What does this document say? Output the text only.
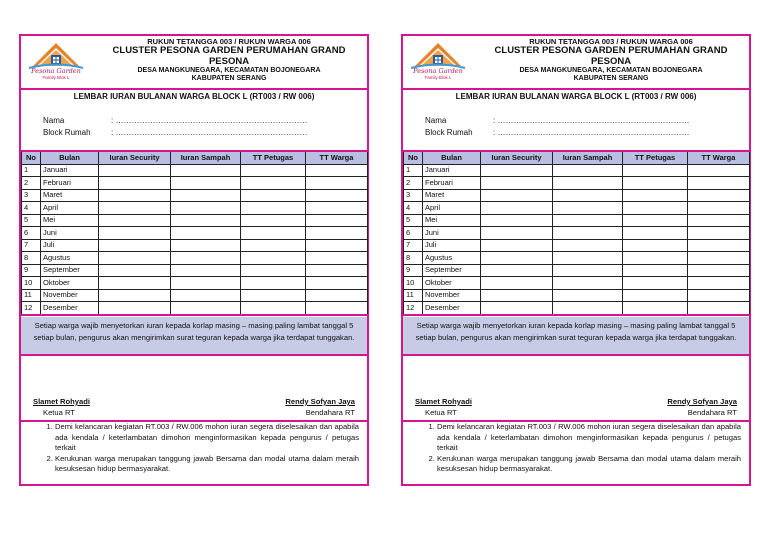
Pesona Garden
Family Blok L
RUKUN TETANGGA 003 / RUKUN WARGA 006
CLUSTER PESONA GARDEN PERUMAHAN GRAND PESONA
DESA MANGKUNEGARA, KECAMATAN BOJONEGARA
KABUPATEN SERANG
LEMBAR IURAN BULANAN WARGA BLOCK L (RT003 / RW 006)
Nama	: ………………………………………………………………
Block Rumah	: ………………………………………………………………
No	Bulan	Iuran Security	Iuran Sampah	TT Petugas	TT Warga
1	Januari				
2	Februari				
3	Maret				
4	April				
5	Mei				
6	Juni				
7	Juli				
8	Agustus				
9	September				
10	Oktober				
11	November				
12	Desember				
Setiap warga wajib menyetorkan iuran kepada korlap masing – masing paling lambat tanggal 5 setiap bulan, pengurus akan mengirimkan surat teguran kepada warga jika terdapat tunggakan.
Slamet Rohyadi
Ketua RT
Rendy Sofyan Jaya
Bendahara RT
1. Demi kelancaran kegiatan RT.003 / RW.006 mohon iuran segera diselesaikan dan apabila ada kendala / keterlambatan dimohon menginformasikan kepada pengurus / petugas terkait
2. Kerukunan warga merupakan tanggung jawab Bersama dan modal utama dalam meraih kesuksesan hidup bermasyarakat.
Pesona Garden
Family Blok L
RUKUN TETANGGA 003 / RUKUN WARGA 006
CLUSTER PESONA GARDEN PERUMAHAN GRAND PESONA
DESA MANGKUNEGARA, KECAMATAN BOJONEGARA
KABUPATEN SERANG
LEMBAR IURAN BULANAN WARGA BLOCK L (RT003 / RW 006)
Nama	: ………………………………………………………………
Block Rumah	: ………………………………………………………………
No	Bulan	Iuran Security	Iuran Sampah	TT Petugas	TT Warga
1	Januari				
2	Februari				
3	Maret				
4	April				
5	Mei				
6	Juni				
7	Juli				
8	Agustus				
9	September				
10	Oktober				
11	November				
12	Desember				
Setiap warga wajib menyetorkan iuran kepada korlap masing – masing paling lambat tanggal 5 setiap bulan, pengurus akan mengirimkan surat teguran kepada warga jika terdapat tunggakan.
Slamet Rohyadi
Ketua RT
Rendy Sofyan Jaya
Bendahara RT
1. Demi kelancaran kegiatan RT.003 / RW.006 mohon iuran segera diselesaikan dan apabila ada kendala / keterlambatan dimohon menginformasikan kepada pengurus / petugas terkait
2. Kerukunan warga merupakan tanggung jawab Bersama dan modal utama dalam meraih kesuksesan hidup bermasyarakat.
